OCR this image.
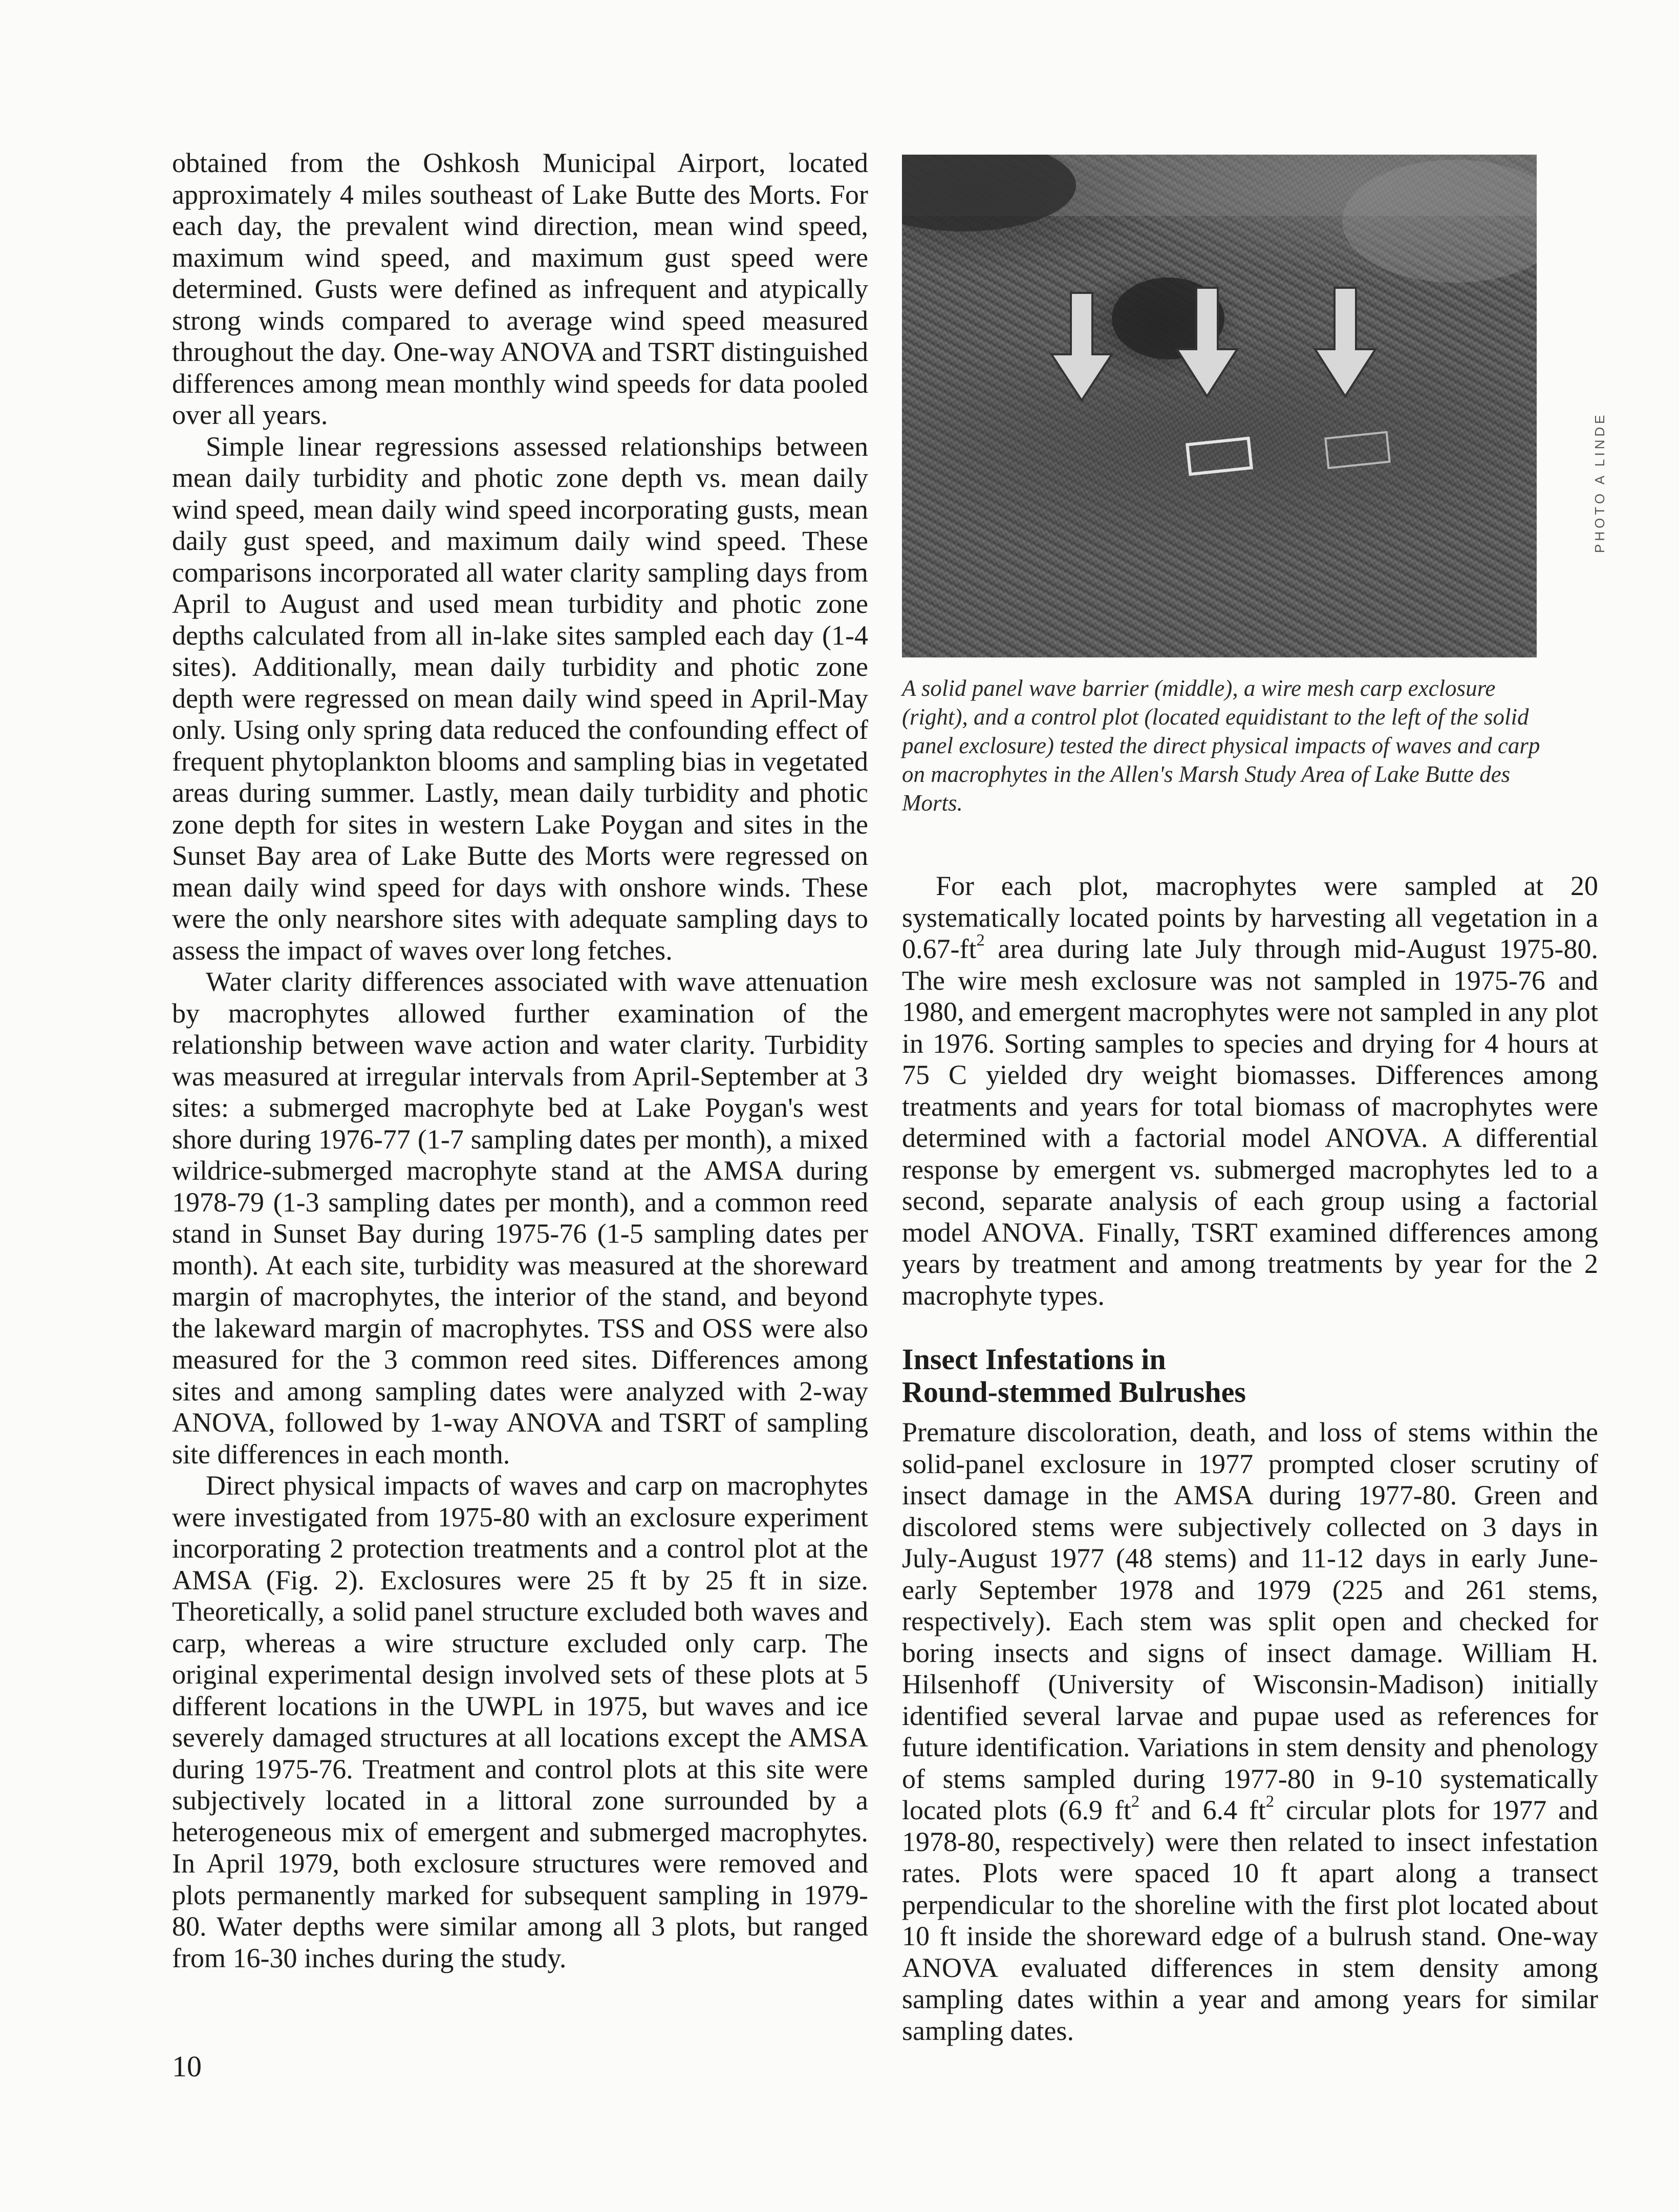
obtained from the Oshkosh Municipal Airport, located approximately 4 miles southeast of Lake Butte des Morts. For each day, the prevalent wind direction, mean wind speed, maximum wind speed, and maximum gust speed were determined. Gusts were defined as infrequent and atypically strong winds compared to average wind speed measured throughout the day. One-way ANOVA and TSRT distinguished differences among mean monthly wind speeds for data pooled over all years.

Simple linear regressions assessed relationships between mean daily turbidity and photic zone depth vs. mean daily wind speed, mean daily wind speed incorporating gusts, mean daily gust speed, and maximum daily wind speed. These comparisons incorporated all water clarity sampling days from April to August and used mean turbidity and photic zone depths calculated from all in-lake sites sampled each day (1-4 sites). Additionally, mean daily turbidity and photic zone depth were regressed on mean daily wind speed in April-May only. Using only spring data reduced the confounding effect of frequent phytoplankton blooms and sampling bias in vegetated areas during summer. Lastly, mean daily turbidity and photic zone depth for sites in western Lake Poygan and sites in the Sunset Bay area of Lake Butte des Morts were regressed on mean daily wind speed for days with onshore winds. These were the only nearshore sites with adequate sampling days to assess the impact of waves over long fetches.

Water clarity differences associated with wave attenuation by macrophytes allowed further examination of the relationship between wave action and water clarity. Turbidity was measured at irregular intervals from April-September at 3 sites: a submerged macrophyte bed at Lake Poygan's west shore during 1976-77 (1-7 sampling dates per month), a mixed wildrice-submerged macrophyte stand at the AMSA during 1978-79 (1-3 sampling dates per month), and a common reed stand in Sunset Bay during 1975-76 (1-5 sampling dates per month). At each site, turbidity was measured at the shoreward margin of macrophytes, the interior of the stand, and beyond the lakeward margin of macrophytes. TSS and OSS were also measured for the 3 common reed sites. Differences among sites and among sampling dates were analyzed with 2-way ANOVA, followed by 1-way ANOVA and TSRT of sampling site differences in each month.

Direct physical impacts of waves and carp on macrophytes were investigated from 1975-80 with an exclosure experiment incorporating 2 protection treatments and a control plot at the AMSA (Fig. 2). Exclosures were 25 ft by 25 ft in size. Theoretically, a solid panel structure excluded both waves and carp, whereas a wire structure excluded only carp. The original experimental design involved sets of these plots at 5 different locations in the UWPL in 1975, but waves and ice severely damaged structures at all locations except the AMSA during 1975-76. Treatment and control plots at this site were subjectively located in a littoral zone surrounded by a heterogeneous mix of emergent and submerged macrophytes. In April 1979, both exclosure structures were removed and plots permanently marked for subsequent sampling in 1979-80. Water depths were similar among all 3 plots, but ranged from 16-30 inches during the study.

PHOTO A LINDE
A solid panel wave barrier (middle), a wire mesh carp exclosure (right), and a control plot (located equidistant to the left of the solid panel exclosure) tested the direct physical impacts of waves and carp on macrophytes in the Allen's Marsh Study Area of Lake Butte des Morts.

For each plot, macrophytes were sampled at 20 systematically located points by harvesting all vegetation in a $0.67-ft^2$ area during late July through mid-August 1975-80. The wire mesh exclosure was not sampled in 1975-76 and 1980, and emergent macrophytes were not sampled in any plot in 1976. Sorting samples to species and drying for 4 hours at 75 C yielded dry weight biomasses. Differences among treatments and years for total biomass of macrophytes were determined with a factorial model ANOVA. A differential response by emergent vs. submerged macrophytes led to a second, separate analysis of each group using a factorial model ANOVA. Finally, TSRT examined differences among years by treatment and among treatments by year for the 2 macrophyte types.

Insect Infestations in
Round-stemmed Bulrushes

Premature discoloration, death, and loss of stems within the solid-panel exclosure in 1977 prompted closer scrutiny of insect damage in the AMSA during 1977-80. Green and discolored stems were subjectively collected on 3 days in July-August 1977 (48 stems) and 11-12 days in early June-early September 1978 and 1979 (225 and 261 stems, respectively). Each stem was split open and checked for boring insects and signs of insect damage. William H. Hilsenhoff (University of Wisconsin-Madison) initially identified several larvae and pupae used as references for future identification. Variations in stem density and phenology of stems sampled during 1977-80 in 9-10 systematically located plots (6.9 $ft^2$ and 6.4 $ft^2$ circular plots for 1977 and 1978-80, respectively) were then related to insect infestation rates. Plots were spaced 10 ft apart along a transect perpendicular to the shoreline with the first plot located about 10 ft inside the shoreward edge of a bulrush stand. One-way ANOVA evaluated differences in stem density among sampling dates within a year and among years for similar sampling dates.

10
